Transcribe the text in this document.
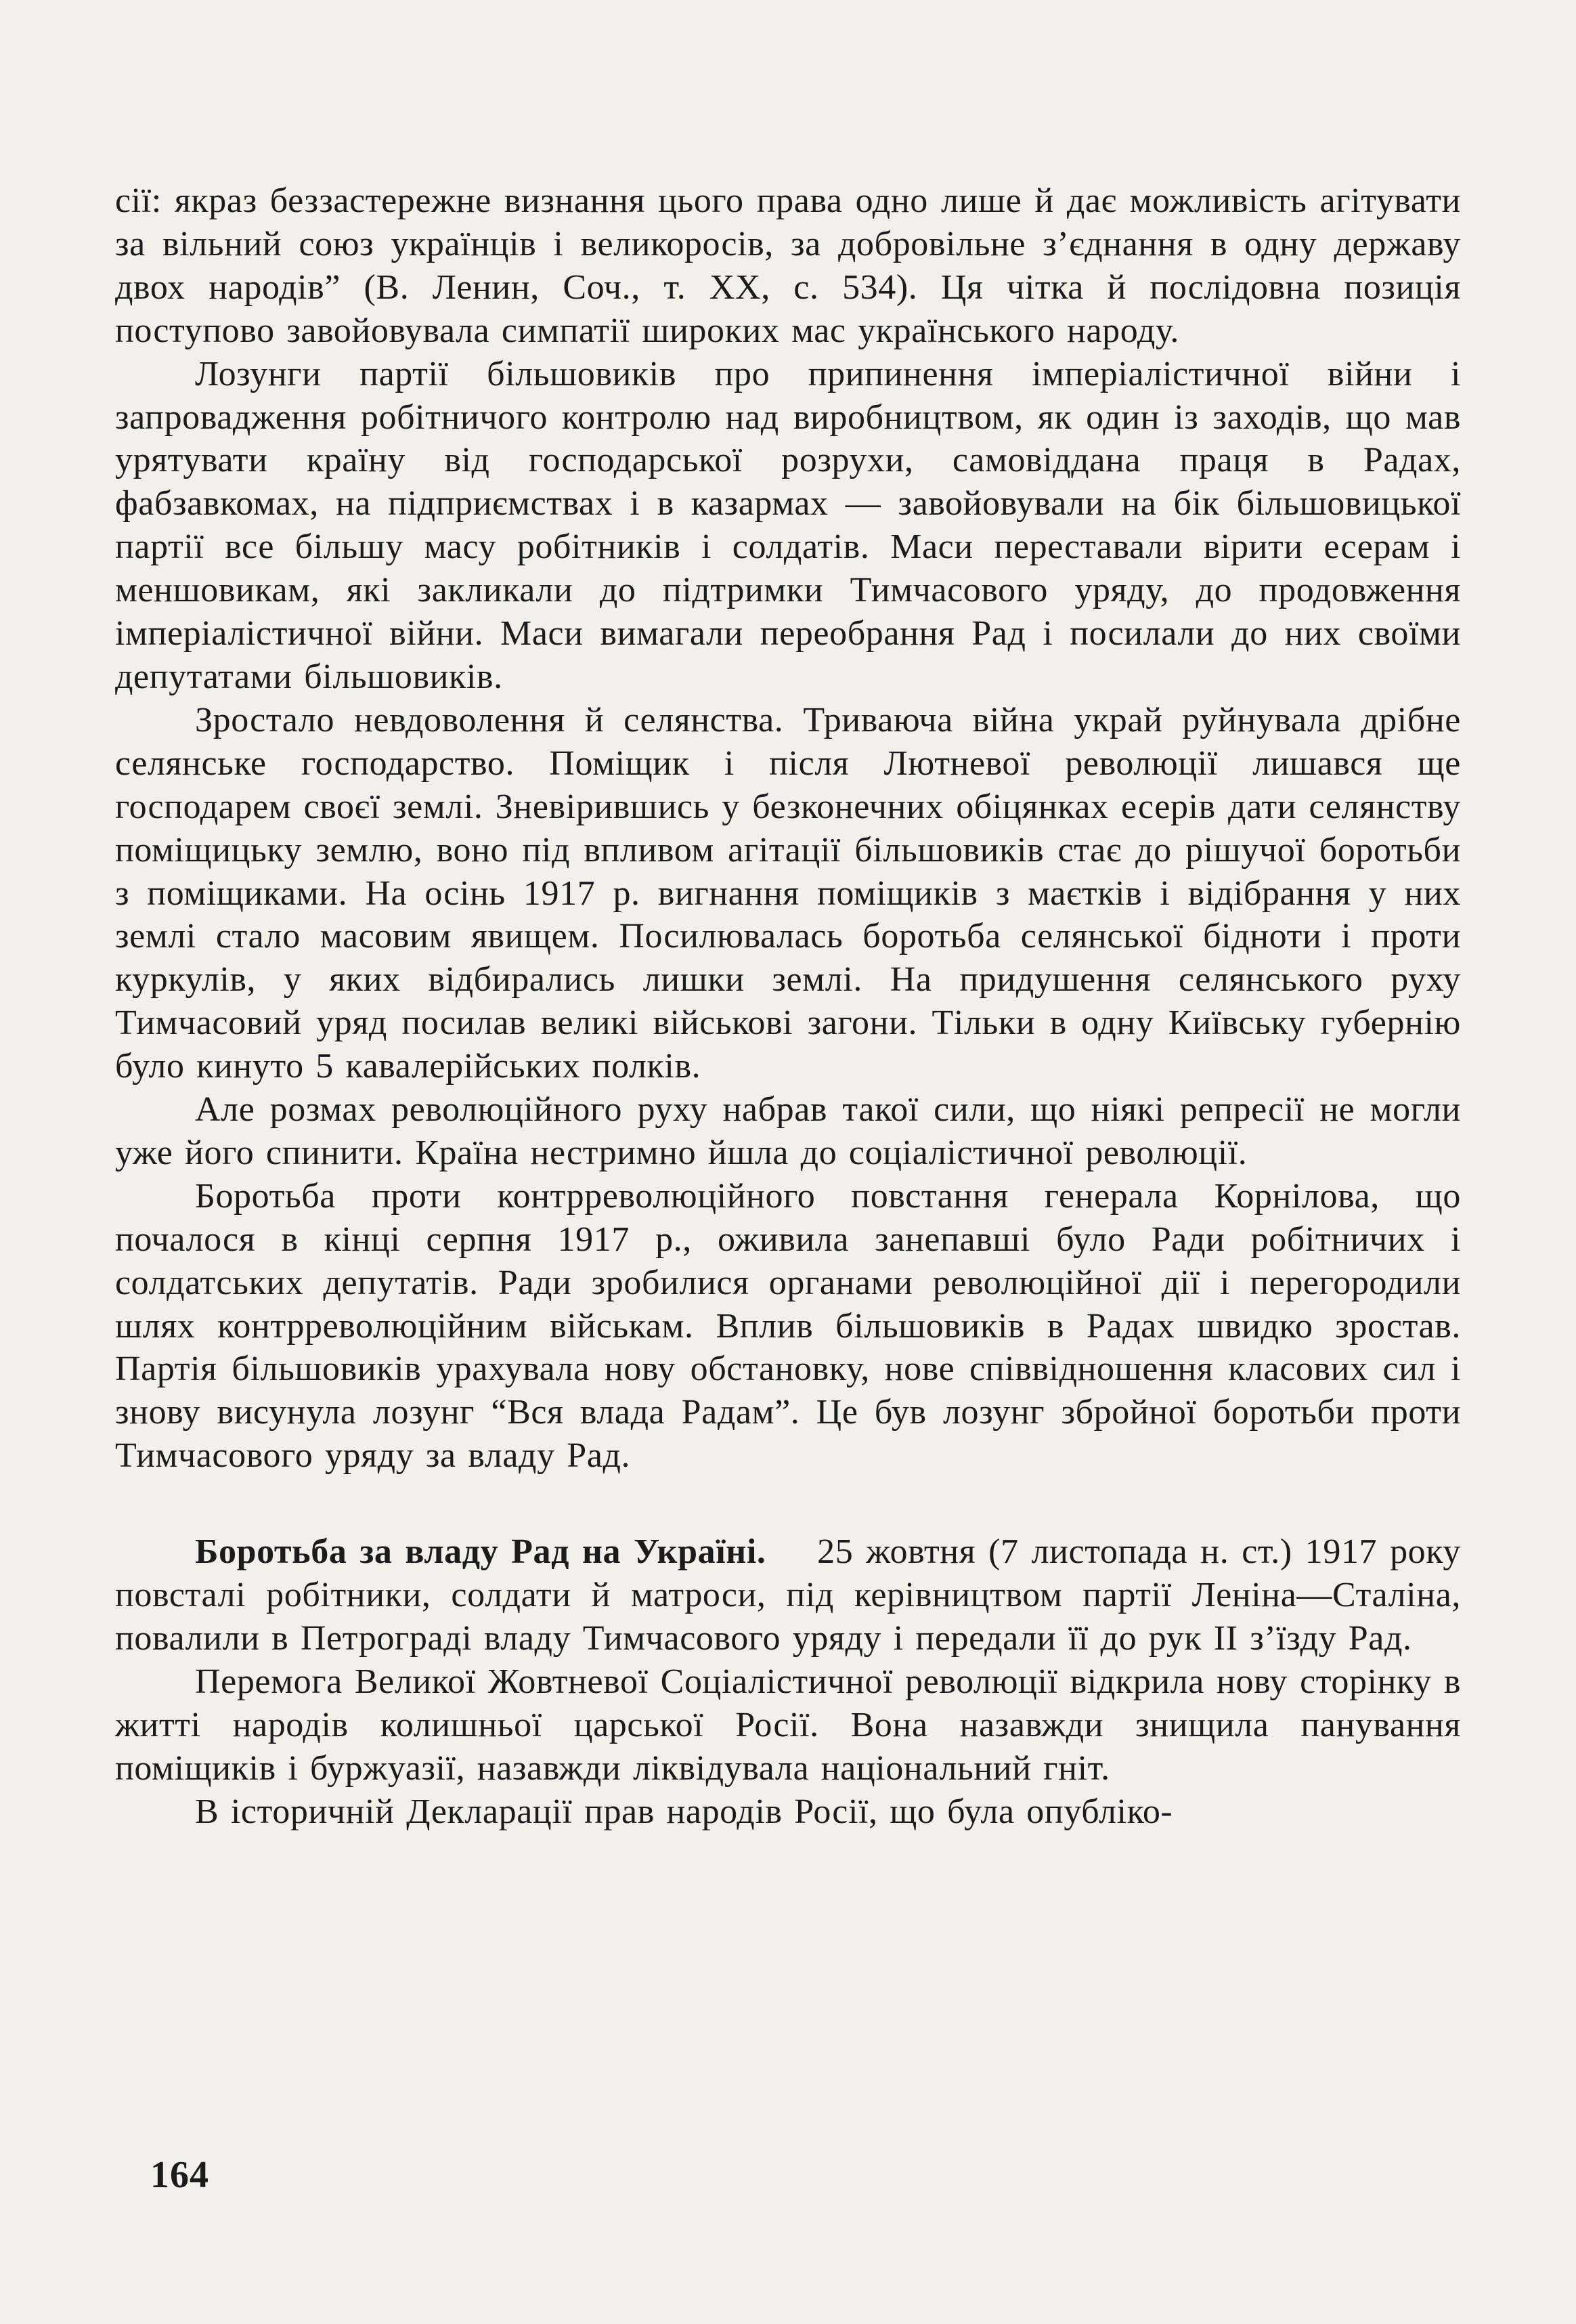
сії: якраз беззастережне визнання цього права одно лише й дає можливість агітувати за вільний союз українців і великоросів, за добровільне з’єднання в одну державу двох народів” (В. Ленин, Соч., т. XX, с. 534). Ця чітка й послідовна позиція поступово завойовувала симпатії широких мас українського народу.

Лозунги партії більшовиків про припинення імперіалістичної війни і запровадження робітничого контролю над виробництвом, як один із заходів, що мав урятувати країну від господарської розрухи, самовіддана праця в Радах, фабзавкомах, на підприємствах і в казармах — завойовували на бік більшовицької партії все більшу масу робітників і солдатів. Маси переставали вірити есерам і меншовикам, які закликали до підтримки Тимчасового уряду, до продовження імперіалістичної війни. Маси вимагали переобрання Рад і посилали до них своїми депутатами більшовиків.

Зростало невдоволення й селянства. Триваюча війна украй руйнувала дрібне селянське господарство. Поміщик і після Лютневої революції лишався ще господарем своєї землі. Зневірившись у безконечних обіцянках есерів дати селянству поміщицьку землю, воно під впливом агітації більшовиків стає до рішучої боротьби з поміщиками. На осінь 1917 р. вигнання поміщиків з маєтків і відібрання у них землі стало масовим явищем. Посилювалась боротьба селянської бідноти і проти куркулів, у яких відбирались лишки землі. На придушення селянського руху Тимчасовий уряд посилав великі військові загони. Тільки в одну Київську губернію було кинуто 5 кавалерійських полків.

Але розмах революційного руху набрав такої сили, що ніякі репресії не могли уже його спинити. Країна нестримно йшла до соціалістичної революції.

Боротьба проти контрреволюційного повстання генерала Корнілова, що почалося в кінці серпня 1917 р., оживила занепавші було Ради робітничих і солдатських депутатів. Ради зробилися органами революційної дії і перегородили шлях контрреволюційним військам. Вплив більшовиків в Радах швидко зростав. Партія більшовиків урахувала нову обстановку, нове співвідношення класових сил і знову висунула лозунг “Вся влада Радам”. Це був лозунг збройної боротьби проти Тимчасового уряду за владу Рад.

Боротьба за владу Рад на Україні. 25 жовтня (7 листопада н. ст.) 1917 року повсталі робітники, солдати й матроси, під керівництвом партії Леніна—Сталіна, повалили в Петрограді владу Тимчасового уряду і передали її до рук II з’їзду Рад.

Перемога Великої Жовтневої Соціалістичної революції відкрила нову сторінку в житті народів колишньої царської Росії. Вона назавжди знищила панування поміщиків і буржуазії, назавжди ліквідувала національний гніт.

В історичній Декларації прав народів Росії, що була опублiко-

164
